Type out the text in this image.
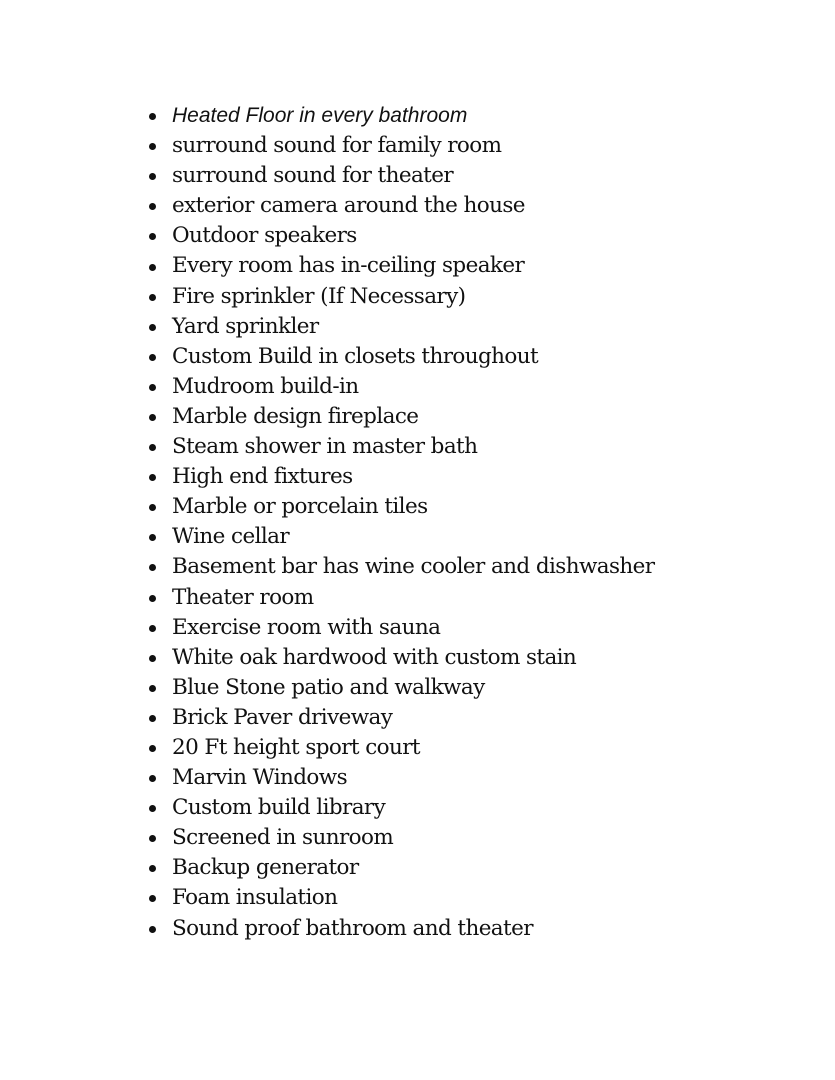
Heated Floor in every bathroom
surround sound for family room
surround sound for theater
exterior camera around the house
Outdoor speakers
Every room has in-ceiling speaker
Fire sprinkler (If Necessary)
Yard sprinkler
Custom Build in closets throughout
Mudroom build-in
Marble design fireplace
Steam shower in master bath
High end fixtures
Marble or porcelain tiles
Wine cellar
Basement bar has wine cooler and dishwasher
Theater room
Exercise room with sauna
White oak hardwood with custom stain
Blue Stone patio and walkway
Brick Paver driveway
20 Ft height sport court
Marvin Windows
Custom build library
Screened in sunroom
Backup generator
Foam insulation
Sound proof bathroom and theater
